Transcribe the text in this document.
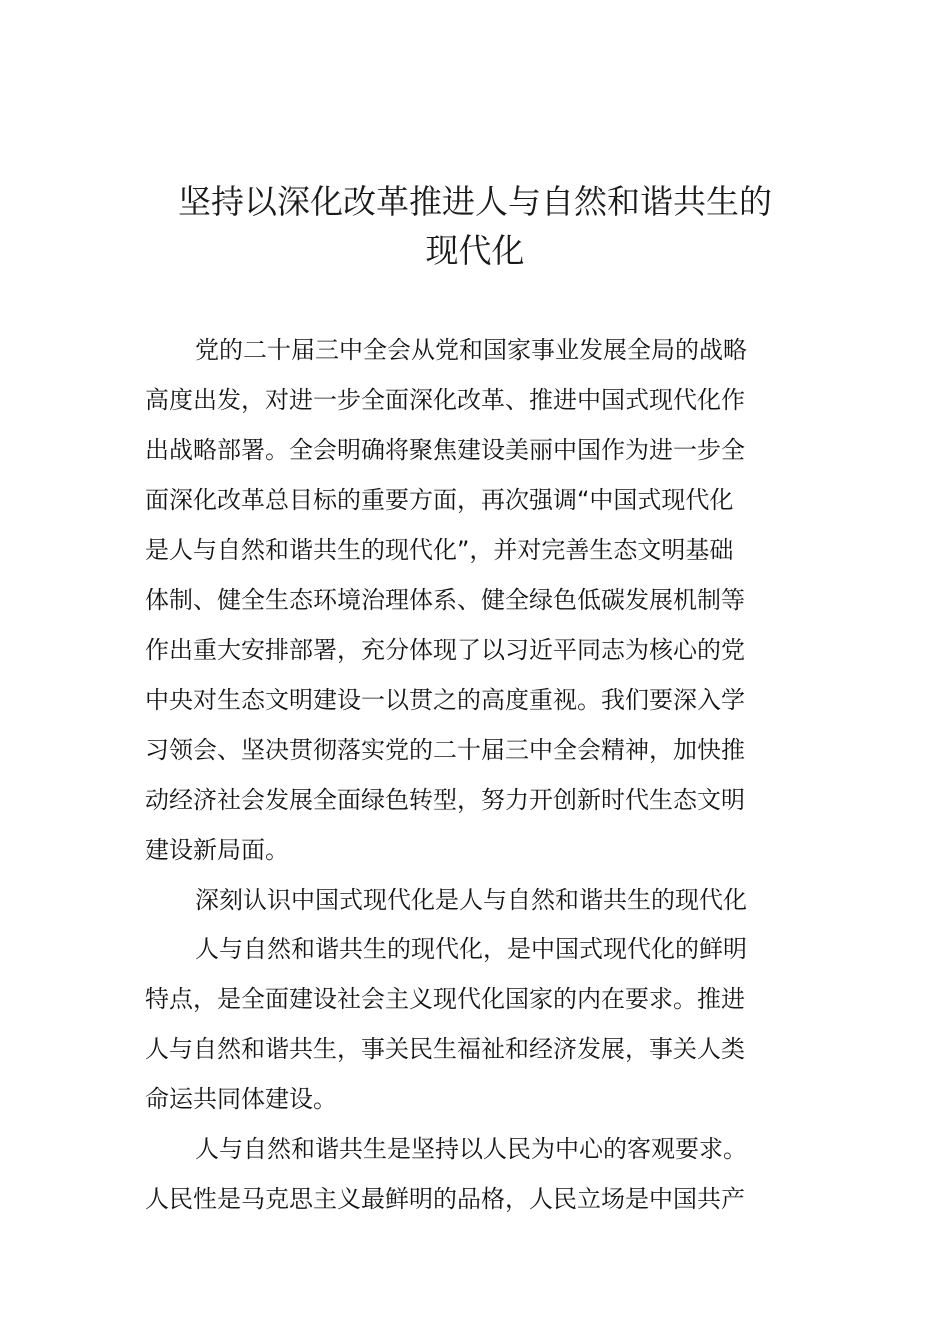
坚持以深化改革推进人与自然和谐共生的
现代化
党的二十届三中全会从党和国家事业发展全局的战略
高度出发，对进一步全面深化改革、推进中国式现代化作
出战略部署。全会明确将聚焦建设美丽中国作为进一步全
面深化改革总目标的重要方面，再次强调“中国式现代化
是人与自然和谐共生的现代化”，并对完善生态文明基础
体制、健全生态环境治理体系、健全绿色低碳发展机制等
作出重大安排部署，充分体现了以习近平同志为核心的党
中央对生态文明建设一以贯之的高度重视。我们要深入学
习领会、坚决贯彻落实党的二十届三中全会精神，加快推
动经济社会发展全面绿色转型，努力开创新时代生态文明
建设新局面。
深刻认识中国式现代化是人与自然和谐共生的现代化
人与自然和谐共生的现代化，是中国式现代化的鲜明
特点，是全面建设社会主义现代化国家的内在要求。推进
人与自然和谐共生，事关民生福祉和经济发展，事关人类
命运共同体建设。
人与自然和谐共生是坚持以人民为中心的客观要求。
人民性是马克思主义最鲜明的品格，人民立场是中国共产
